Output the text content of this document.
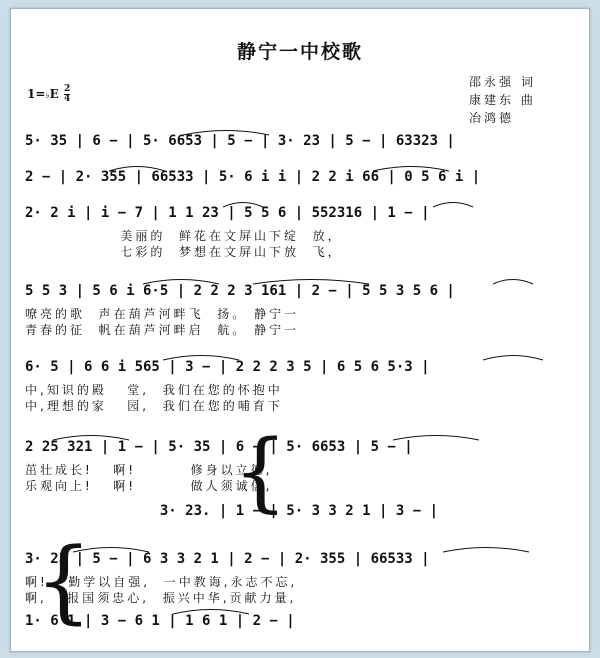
静宁一中校歌
邵永强 词
康建东 曲
冶鸿德
1=♭E $\frac{2}{4}$
5· 35 | 6 − | 5· 6653 | 5 − | 3· 23 | 5 − | 63323 |
2 − | 2· 355 | 66533 | 5· 6 i i | 2 2 i 66 | 0 5 6 i |
2· 2 i | i − 7 | 1 1 23 | 5 5 6 | 552316 | 1 − |
美丽的  鲜花在文屏山下绽  放，
七彩的  梦想在文屏山下放  飞，
5 5 3 | 5 6 i 6·5 | 2 2 2 3 161 | 2 − | 5 5 3 5 6 |
嘹亮的歌  声在葫芦河畔飞  扬。 静宁一
青春的征  帆在葫芦河畔启  航。 静宁一
6· 5 | 6 6 i 565 | 3 − | 2 2 2 3 5 | 6 5 6 5·3 |
中,知识的殿   堂,  我们在您的怀抱中
中,理想的家   园,  我们在您的哺育下
2 25 321 | 1 − | 5· 35 | 6 − | 5· 6653 | 5 − |
{
茁壮成长!   啊!        修身以立德,
乐观向上!   啊!        做人须诚信,
3· 23. | 1 − | 5· 3 3 2 1 | 3 − |
{
3· 23 | 5 − | 6 3 3 2 1 | 2 − | 2· 355 | 66533 |
啊!   勤学以自强,  一中教诲,永志不忘,
啊,   报国须忠心,  振兴中华,贡献力量,
1· 6 1 | 3 − 6 1 | 1 6 1 | 2 − |
